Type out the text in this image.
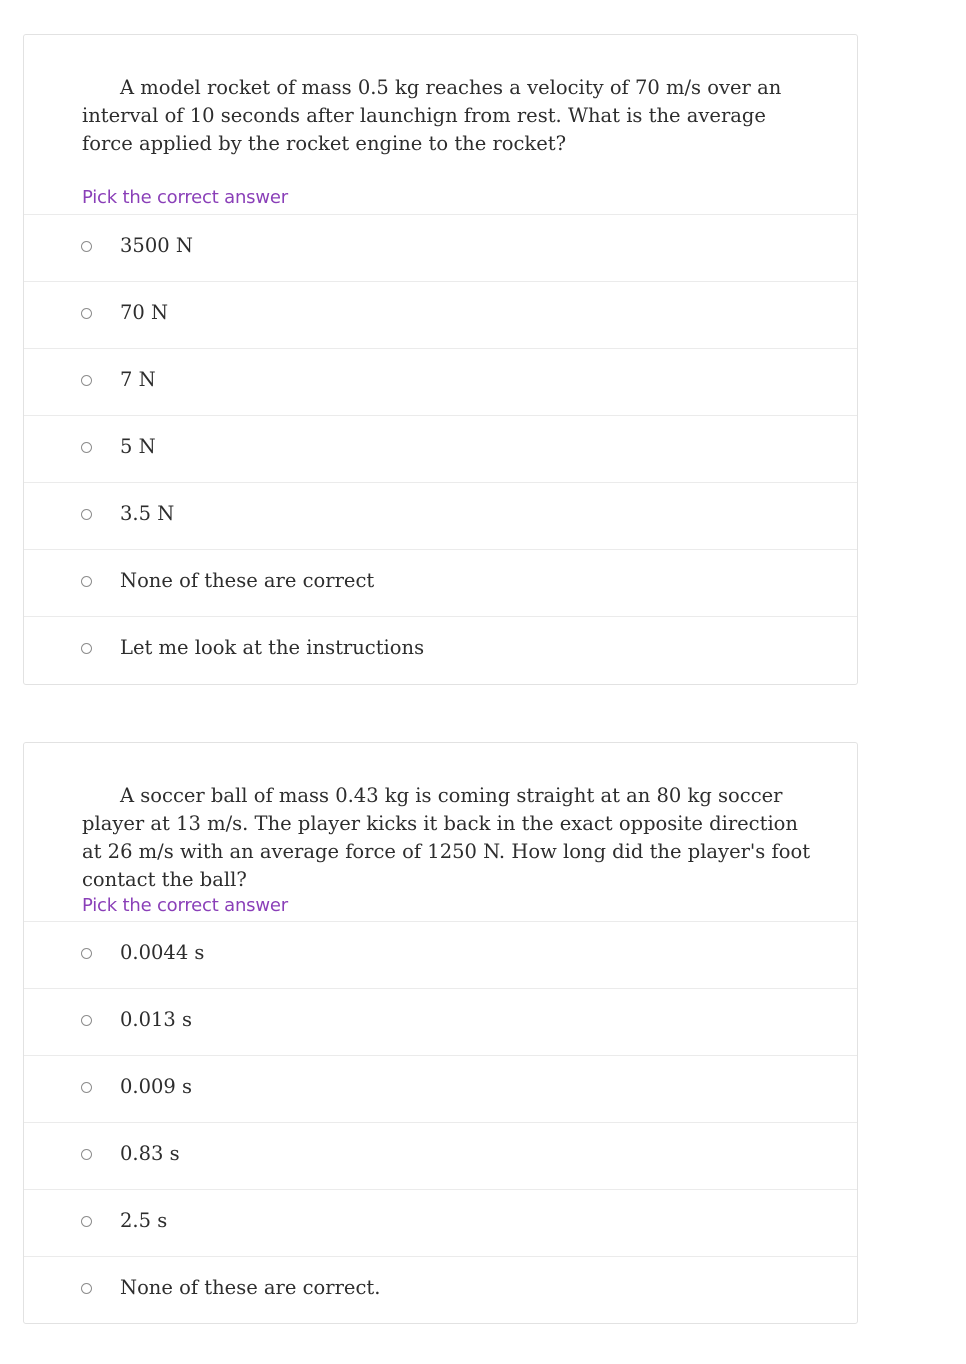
A model rocket of mass 0.5 kg reaches a velocity of 70 m/s over an interval of 10 seconds after launchign from rest. What is the average force applied by the rocket engine to the rocket?

Pick the correct answer
3500 N
70 N
7 N
5 N
3.5 N
None of these are correct
Let me look at the instructions

A soccer ball of mass 0.43 kg is coming straight at an 80 kg soccer player at 13 m/s. The player kicks it back in the exact opposite direction at 26 m/s with an average force of 1250 N. How long did the player's foot contact the ball?

Pick the correct answer
0.0044 s
0.013 s
0.009 s
0.83 s
2.5 s
None of these are correct.
